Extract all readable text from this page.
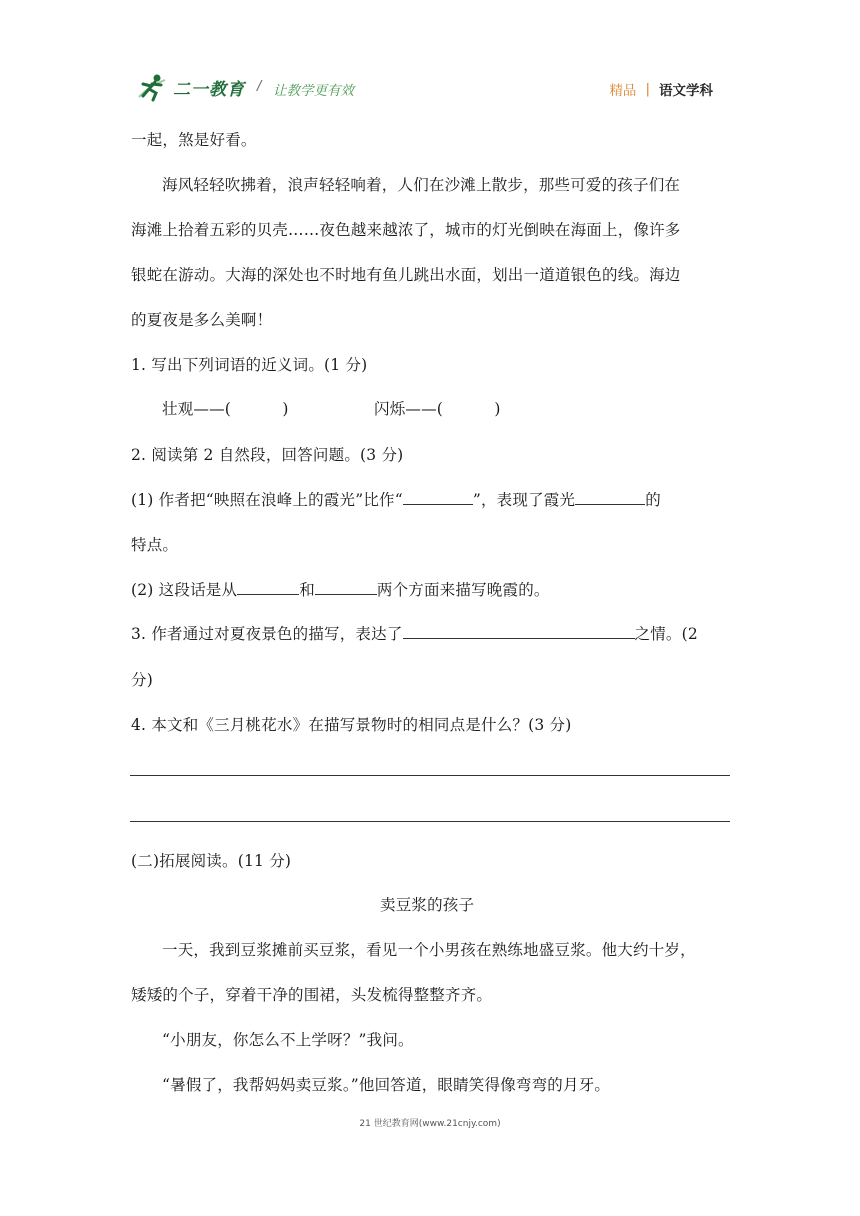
二一教育 / 让教学更有效	精品 | 语文学科
一起，煞是好看。
海风轻轻吹拂着，浪声轻轻响着，人们在沙滩上散步，那些可爱的孩子们在
海滩上拾着五彩的贝壳……夜色越来越浓了，城市的灯光倒映在海面上，像许多
银蛇在游动。大海的深处也不时地有鱼儿跳出水面，划出一道道银色的线。海边
的夏夜是多么美啊！
1. 写出下列词语的近义词。(1 分)
壮观——(          )	闪烁——(          )
2. 阅读第 2 自然段，回答问题。(3 分)
(1) 作者把“映照在浪峰上的霞光”比作“	”，表现了霞光	的
特点。
(2) 这段话是从	和	两个方面来描写晚霞的。
3. 作者通过对夏夜景色的描写，表达了	之情。(2
分)
4. 本文和《三月桃花水》在描写景物时的相同点是什么？(3 分)
(二)拓展阅读。(11 分)
卖豆浆的孩子
一天，我到豆浆摊前买豆浆，看见一个小男孩在熟练地盛豆浆。他大约十岁，
矮矮的个子，穿着干净的围裙，头发梳得整整齐齐。
“小朋友，你怎么不上学呀？”我问。
“暑假了，我帮妈妈卖豆浆。”他回答道，眼睛笑得像弯弯的月牙。
21 世纪教育网(www.21cnjy.com)
